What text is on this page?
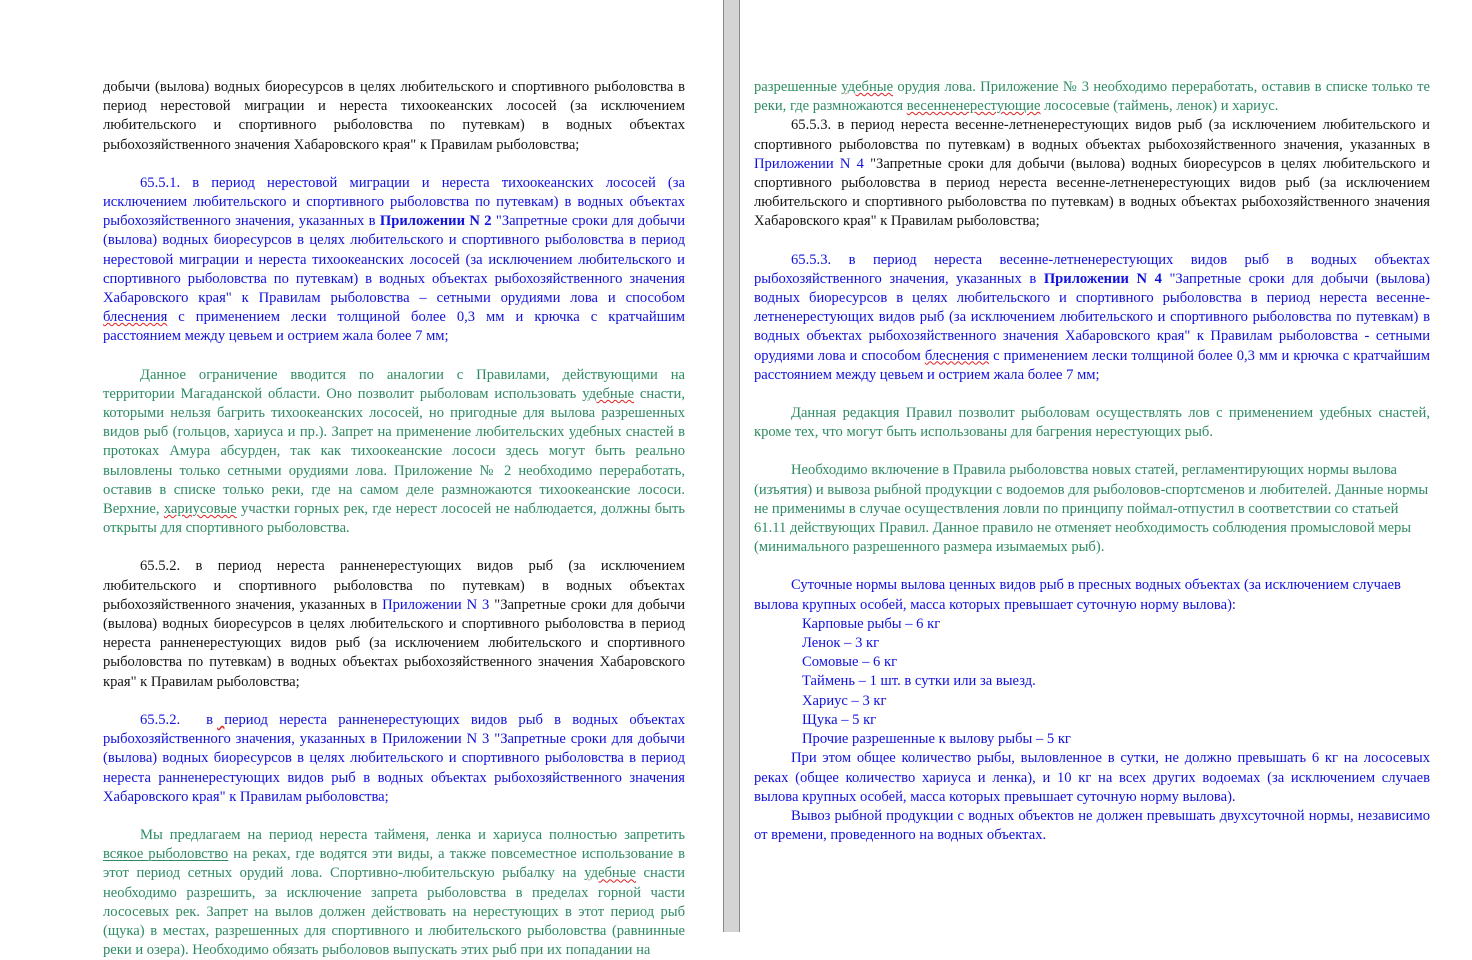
добычи (вылова) водных биоресурсов в целях любительского и спортивного рыболовства в период нерестовой миграции и нереста тихоокеанских лососей (за исключением любительского и спортивного рыболовства по путевкам) в водных объектах рыбохозяйственного значения Хабаровского края" к Правилам рыболовства;

65.5.1. в период нерестовой миграции и нереста тихоокеанских лососей (за исключением любительского и спортивного рыболовства по путевкам) в водных объектах рыбохозяйственного значения, указанных в Приложении N 2 "Запретные сроки для добычи (вылова) водных биоресурсов в целях любительского и спортивного рыболовства в период нерестовой миграции и нереста тихоокеанских лососей (за исключением любительского и спортивного рыболовства по путевкам) в водных объектах рыбохозяйственного значения Хабаровского края" к Правилам рыболовства – сетными орудиями лова и способом блеснения с применением лески толщиной более 0,3 мм и крючка с кратчайшим расстоянием между цевьем и острием жала более 7 мм;

Данное ограничение вводится по аналогии с Правилами, действующими на территории Магаданской области. Оно позволит рыболовам использовать удебные снасти, которыми нельзя багрить тихоокеанских лососей, но пригодные для вылова разрешенных видов рыб (гольцов, хариуса и пр.). Запрет на применение любительских удебных снастей в протоках Амура абсурден, так как тихоокеанские лососи здесь могут быть реально выловлены только сетными орудиями лова. Приложение № 2 необходимо переработать, оставив в списке только реки, где на самом деле размножаются тихоокеанские лососи. Верхние, хариусовые участки горных рек, где нерест лососей не наблюдается, должны быть открыты для спортивного рыболовства.

65.5.2. в период нереста ранненерестующих видов рыб (за исключением любительского и спортивного рыболовства по путевкам) в водных объектах рыбохозяйственного значения, указанных в Приложении N 3 "Запретные сроки для добычи (вылова) водных биоресурсов в целях любительского и спортивного рыболовства в период нереста ранненерестующих видов рыб (за исключением любительского и спортивного рыболовства по путевкам) в водных объектах рыбохозяйственного значения Хабаровского края" к Правилам рыболовства;

65.5.2. в период нереста ранненерестующих видов рыб в водных объектах рыбохозяйственного значения, указанных в Приложении N 3 "Запретные сроки для добычи (вылова) водных биоресурсов в целях любительского и спортивного рыболовства в период нереста ранненерестующих видов рыб в водных объектах рыбохозяйственного значения Хабаровского края" к Правилам рыболовства;

Мы предлагаем на период нереста тайменя, ленка и хариуса полностью запретить всякое рыболовство на реках, где водятся эти виды, а также повсеместное использование в этот период сетных орудий лова. Спортивно-любительскую рыбалку на удебные снасти необходимо разрешить, за исключение запрета рыболовства в пределах горной части лососевых рек. Запрет на вылов должен действовать на нерестующих в этот период рыб (щука) в местах, разрешенных для спортивного и любительского рыболовства (равнинные реки и озера). Необходимо обязать рыболовов выпускать этих рыб при их попадании на

разрешенные удебные орудия лова. Приложение № 3 необходимо переработать, оставив в списке только те реки, где размножаются весенненерестующие лососевые (таймень, ленок) и хариус.

65.5.3. в период нереста весенне-летненерестующих видов рыб (за исключением любительского и спортивного рыболовства по путевкам) в водных объектах рыбохозяйственного значения, указанных в Приложении N 4 "Запретные сроки для добычи (вылова) водных биоресурсов в целях любительского и спортивного рыболовства в период нереста весенне-летненерестующих видов рыб (за исключением любительского и спортивного рыболовства по путевкам) в водных объектах рыбохозяйственного значения Хабаровского края" к Правилам рыболовства;

65.5.3. в период нереста весенне-летненерестующих видов рыб в водных объектах рыбохозяйственного значения, указанных в Приложении N 4 "Запретные сроки для добычи (вылова) водных биоресурсов в целях любительского и спортивного рыболовства в период нереста весенне-летненерестующих видов рыб (за исключением любительского и спортивного рыболовства по путевкам) в водных объектах рыбохозяйственного значения Хабаровского края" к Правилам рыболовства - сетными орудиями лова и способом блеснения с применением лески толщиной более 0,3 мм и крючка с кратчайшим расстоянием между цевьем и острием жала более 7 мм;

Данная редакция Правил позволит рыболовам осуществлять лов с применением удебных снастей, кроме тех, что могут быть использованы для багрения нерестующих рыб.

Необходимо включение в Правила рыболовства новых статей, регламентирующих нормы вылова (изъятия) и вывоза рыбной продукции с водоемов для рыболовов-спортсменов и любителей. Данные нормы не применимы в случае осуществления ловли по принципу поймал-отпустил в соответствии со статьей 61.11 действующих Правил. Данное правило не отменяет необходимость соблюдения промысловой меры (минимального разрешенного размера изымаемых рыб).

Суточные нормы вылова ценных видов рыб в пресных водных объектах (за исключением случаев вылова крупных особей, масса которых превышает суточную норму вылова):

Карповые рыбы – 6 кг
Ленок – 3 кг
Сомовые – 6 кг
Таймень – 1 шт. в сутки или за выезд.
Хариус – 3 кг
Щука – 5 кг
Прочие разрешенные к вылову рыбы – 5 кг

При этом общее количество рыбы, выловленное в сутки, не должно превышать 6 кг на лососевых реках (общее количество хариуса и ленка), и 10 кг на всех других водоемах (за исключением случаев вылова крупных особей, масса которых превышает суточную норму вылова).

Вывоз рыбной продукции с водных объектов не должен превышать двухсуточной нормы, независимо от времени, проведенного на водных объектах.
